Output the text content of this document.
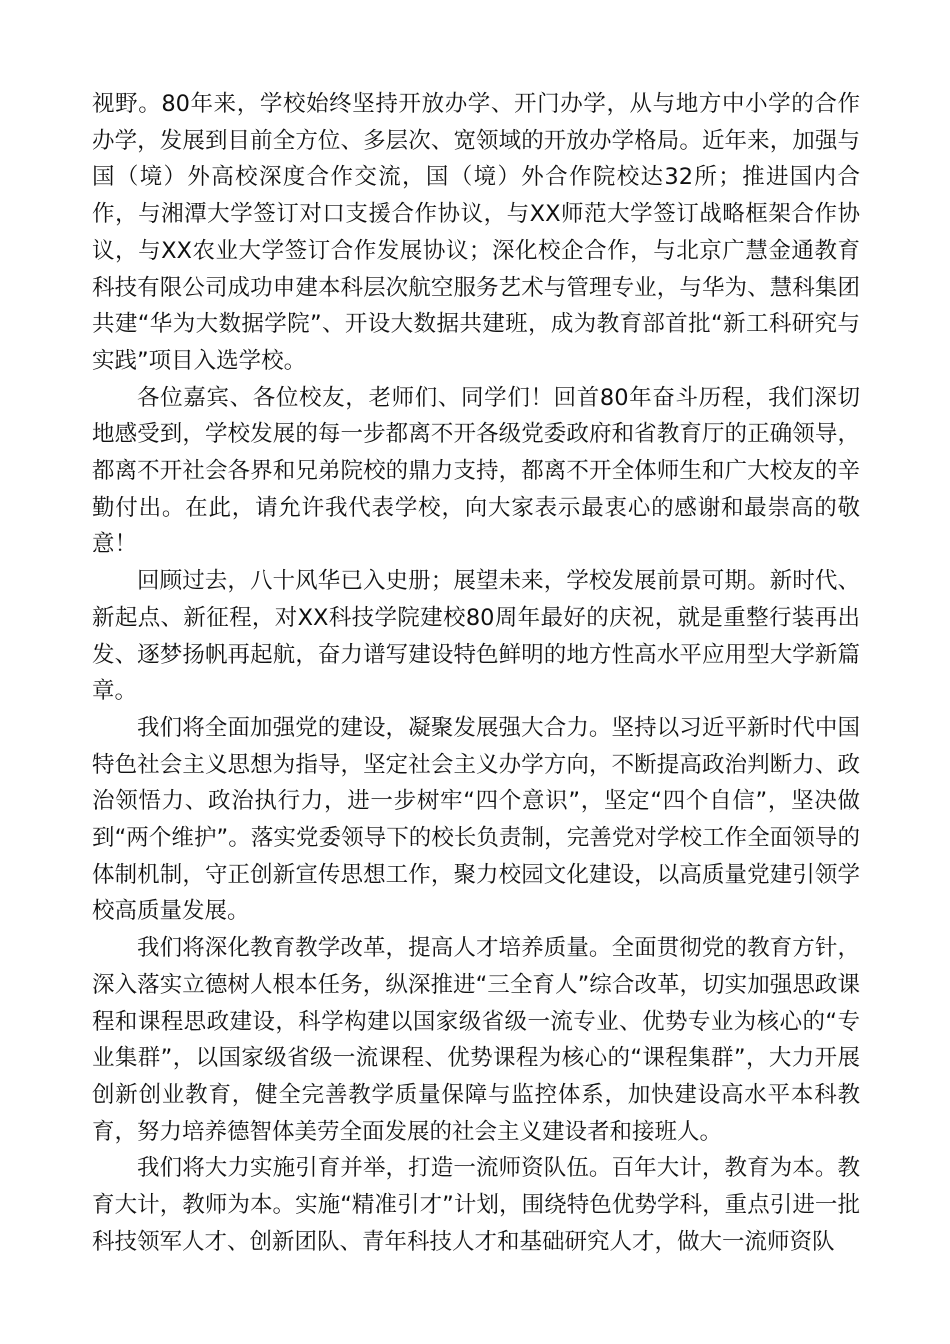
视野。80年来，学校始终坚持开放办学、开门办学，从与地方中小学的合作办学，发展到目前全方位、多层次、宽领域的开放办学格局。近年来，加强与国（境）外高校深度合作交流，国（境）外合作院校达32所；推进国内合作，与湘潭大学签订对口支援合作协议，与XX师范大学签订战略框架合作协议，与XX农业大学签订合作发展协议；深化校企合作，与北京广慧金通教育科技有限公司成功申建本科层次航空服务艺术与管理专业，与华为、慧科集团共建“华为大数据学院”、开设大数据共建班，成为教育部首批“新工科研究与实践”项目入选学校。

各位嘉宾、各位校友，老师们、同学们！回首80年奋斗历程，我们深切地感受到，学校发展的每一步都离不开各级党委政府和省教育厅的正确领导，都离不开社会各界和兄弟院校的鼎力支持，都离不开全体师生和广大校友的辛勤付出。在此，请允许我代表学校，向大家表示最衷心的感谢和最崇高的敬意！

回顾过去，八十风华已入史册；展望未来，学校发展前景可期。新时代、新起点、新征程，对XX科技学院建校80周年最好的庆祝，就是重整行装再出发、逐梦扬帆再起航，奋力谱写建设特色鲜明的地方性高水平应用型大学新篇章。

我们将全面加强党的建设，凝聚发展强大合力。坚持以习近平新时代中国特色社会主义思想为指导，坚定社会主义办学方向，不断提高政治判断力、政治领悟力、政治执行力，进一步树牢“四个意识”，坚定“四个自信”，坚决做到“两个维护”。落实党委领导下的校长负责制，完善党对学校工作全面领导的体制机制，守正创新宣传思想工作，聚力校园文化建设，以高质量党建引领学校高质量发展。

我们将深化教育教学改革，提高人才培养质量。全面贯彻党的教育方针，深入落实立德树人根本任务，纵深推进“三全育人”综合改革，切实加强思政课程和课程思政建设，科学构建以国家级省级一流专业、优势专业为核心的“专业集群”，以国家级省级一流课程、优势课程为核心的“课程集群”，大力开展创新创业教育，健全完善教学质量保障与监控体系，加快建设高水平本科教育，努力培养德智体美劳全面发展的社会主义建设者和接班人。

我们将大力实施引育并举，打造一流师资队伍。百年大计，教育为本。教育大计，教师为本。实施“精准引才”计划，围绕特色优势学科，重点引进一批科技领军人才、创新团队、青年科技人才和基础研究人才，做大一流师资队
